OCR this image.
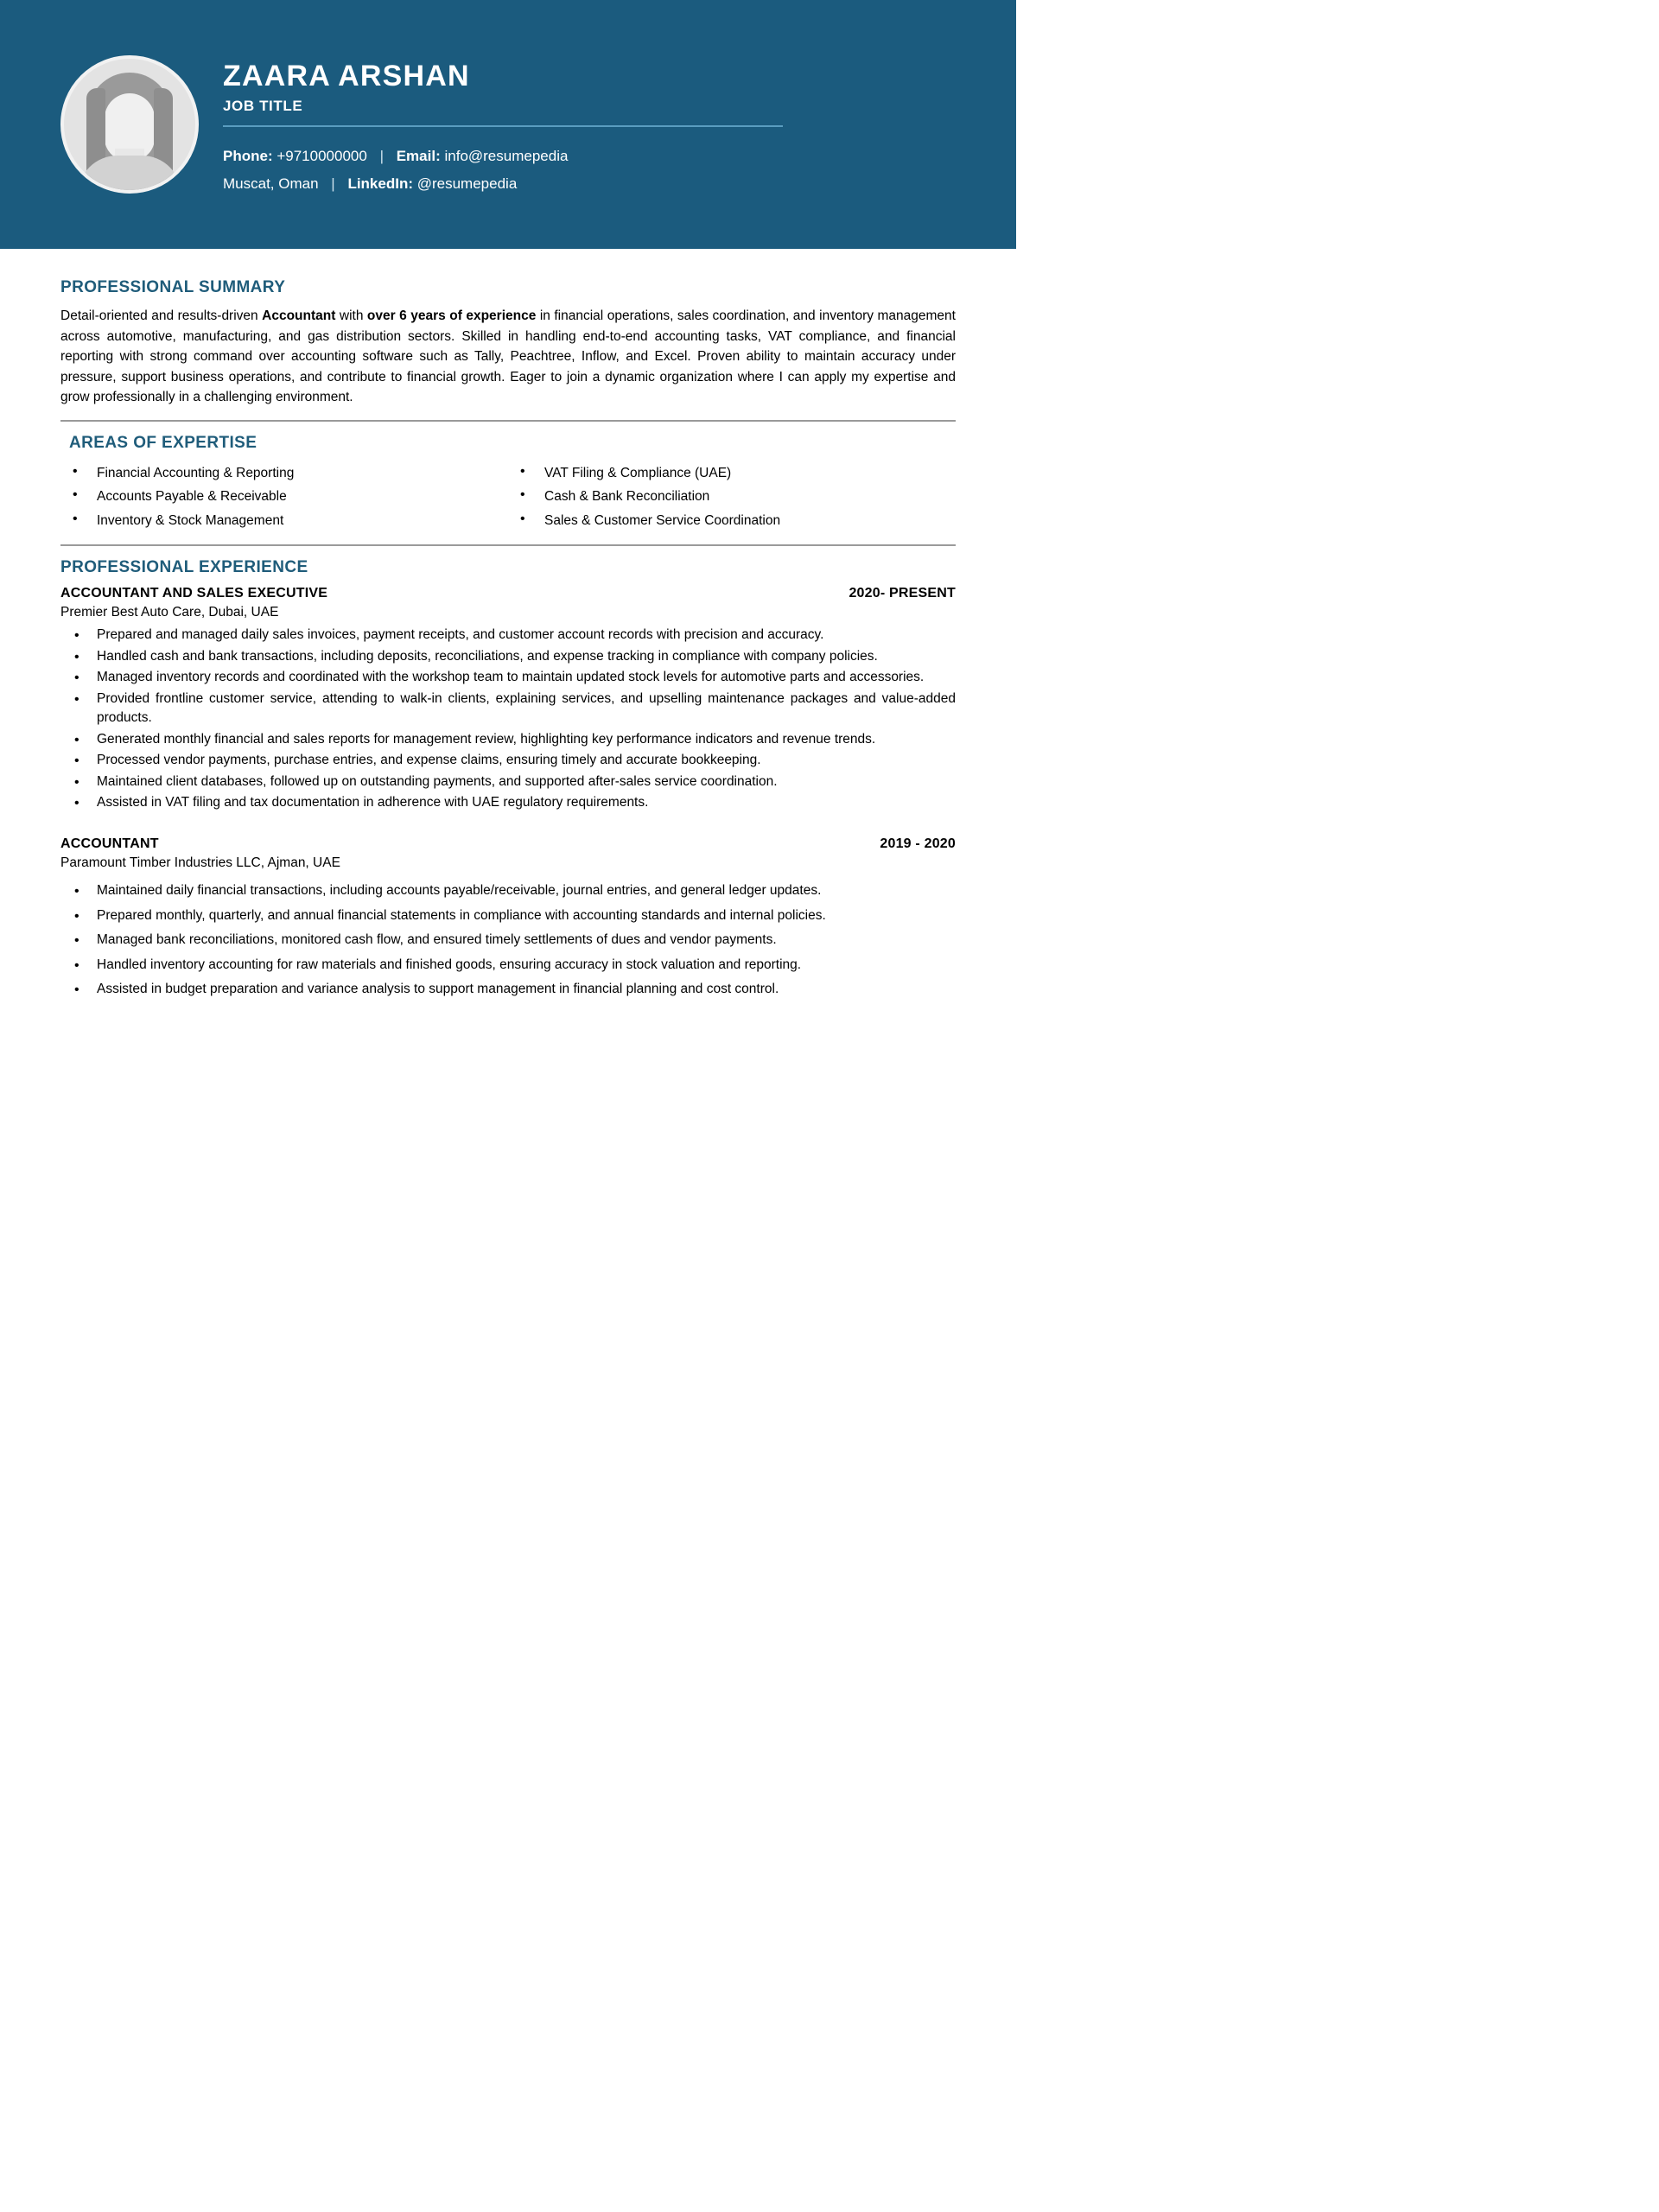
ZAARA ARSHAN
JOB TITLE
Phone: +9710000000 | Email: info@resumepedia
Muscat, Oman | LinkedIn: @resumepedia
PROFESSIONAL SUMMARY

Detail-oriented and results-driven Accountant with over 6 years of experience in financial operations, sales coordination, and inventory management across automotive, manufacturing, and gas distribution sectors. Skilled in handling end-to-end accounting tasks, VAT compliance, and financial reporting with strong command over accounting software such as Tally, Peachtree, Inflow, and Excel. Proven ability to maintain accuracy under pressure, support business operations, and contribute to financial growth. Eager to join a dynamic organization where I can apply my expertise and grow professionally in a challenging environment.

AREAS OF EXPERTISE
• Financial Accounting & Reporting
• Accounts Payable & Receivable
• Inventory & Stock Management
• VAT Filing & Compliance (UAE)
• Cash & Bank Reconciliation
• Sales & Customer Service Coordination
PROFESSIONAL EXPERIENCE
ACCOUNTANT AND SALES EXECUTIVE	2020- PRESENT
Premier Best Auto Care, Dubai, UAE
• Prepared and managed daily sales invoices, payment receipts, and customer account records with precision and accuracy.
• Handled cash and bank transactions, including deposits, reconciliations, and expense tracking in compliance with company policies.
• Managed inventory records and coordinated with the workshop team to maintain updated stock levels for automotive parts and accessories.
• Provided frontline customer service, attending to walk-in clients, explaining services, and upselling maintenance packages and value-added products.
• Generated monthly financial and sales reports for management review, highlighting key performance indicators and revenue trends.
• Processed vendor payments, purchase entries, and expense claims, ensuring timely and accurate bookkeeping.
• Maintained client databases, followed up on outstanding payments, and supported after-sales service coordination.
• Assisted in VAT filing and tax documentation in adherence with UAE regulatory requirements.
ACCOUNTANT	2019 - 2020
Paramount Timber Industries LLC, Ajman, UAE
• Maintained daily financial transactions, including accounts payable/receivable, journal entries, and general ledger updates.
• Prepared monthly, quarterly, and annual financial statements in compliance with accounting standards and internal policies.
• Managed bank reconciliations, monitored cash flow, and ensured timely settlements of dues and vendor payments.
• Handled inventory accounting for raw materials and finished goods, ensuring accuracy in stock valuation and reporting.
• Assisted in budget preparation and variance analysis to support management in financial planning and cost control.
